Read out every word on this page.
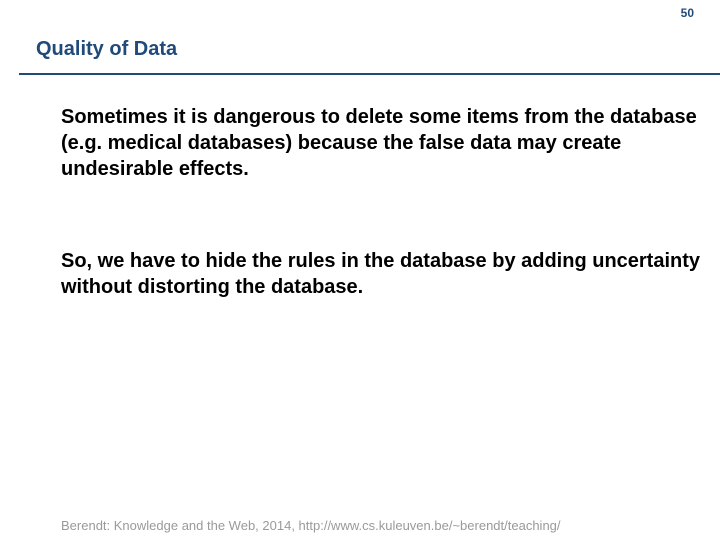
50
Quality of Data

Sometimes it is dangerous to delete some items from the database (e.g. medical databases) because the false data may create undesirable effects.

So, we have to hide the rules in the database by adding uncertainty without distorting the database.

Berendt: Knowledge and the Web, 2014, http://www.cs.kuleuven.be/~berendt/teaching/
